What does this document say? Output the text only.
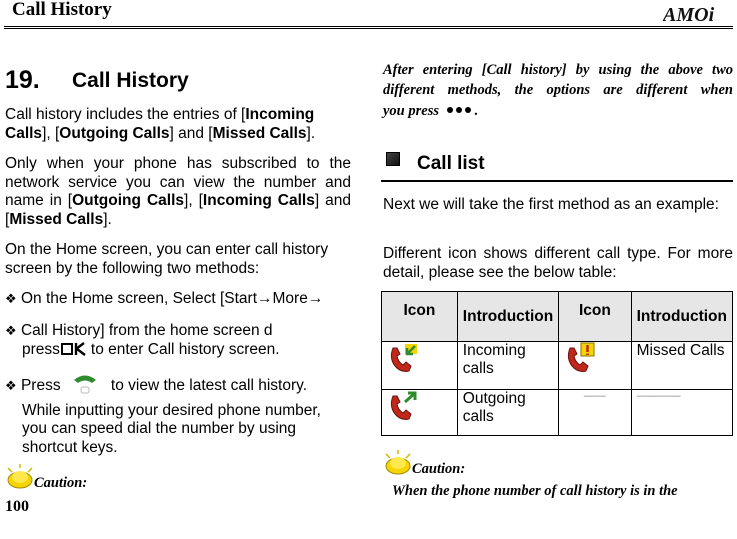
Call History	AMOi
19. Call History
Call history includes the entries of [Incoming Calls], [Outgoing Calls] and [Missed Calls].
Only when your phone has subscribed to the network service you can view the number and name in [Outgoing Calls], [Incoming Calls] and [Missed Calls].
On the Home screen, you can enter call history screen by the following two methods:
❖ On the Home screen, Select [Start→More→
❖ Call History] from the home screen d
press to enter Call history screen.
❖ Press	to view the latest call history.
While inputting your desired phone number,
you can speed dial the number by using
shortcut keys.
Caution:
After entering [Call history] by using the above two
different methods, the options are different when
you press .
Call list
Next we will take the first method as an example:
Different icon shows different call type. For more detail, please see the below table:
Icon	Introduction	Icon	Introduction
	Incoming calls		Missed Calls
	Outgoing calls	——	————
Caution:
When the phone number of call history is in the
100
